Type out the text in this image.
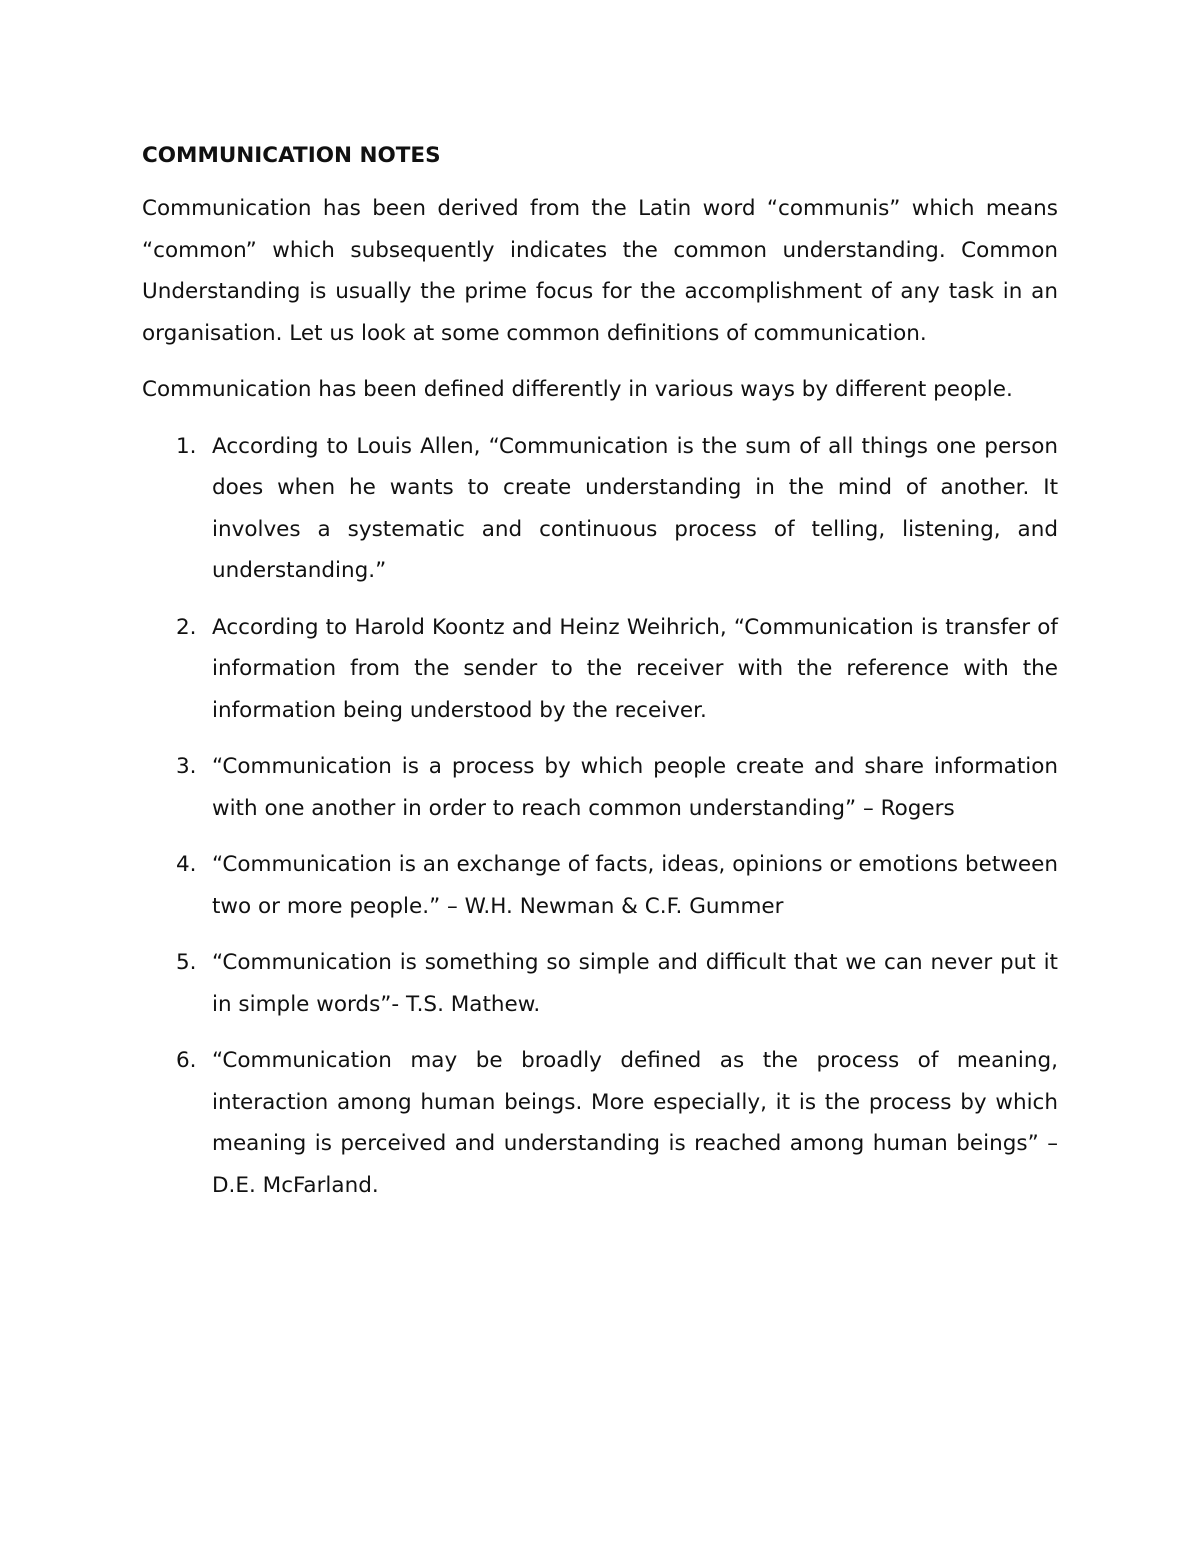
COMMUNICATION NOTES

Communication has been derived from the Latin word “communis” which means “common” which subsequently indicates the common understanding. Common Understanding is usually the prime focus for the accomplishment of any task in an organisation. Let us look at some common definitions of communication.

Communication has been defined differently in various ways by different people.

1. According to Louis Allen, “Communication is the sum of all things one person does when he wants to create understanding in the mind of another. It involves a systematic and continuous process of telling, listening, and understanding.”
2. According to Harold Koontz and Heinz Weihrich, “Communication is transfer of information from the sender to the receiver with the reference with the information being understood by the receiver.
3. “Communication is a process by which people create and share information with one another in order to reach common understanding” – Rogers
4. “Communication is an exchange of facts, ideas, opinions or emotions between two or more people.” – W.H. Newman & C.F. Gummer
5. “Communication is something so simple and difficult that we can never put it in simple words”- T.S. Mathew.
6. “Communication may be broadly defined as the process of meaning, interaction among human beings. More especially, it is the process by which meaning is perceived and understanding is reached among human beings” – D.E. McFarland.
